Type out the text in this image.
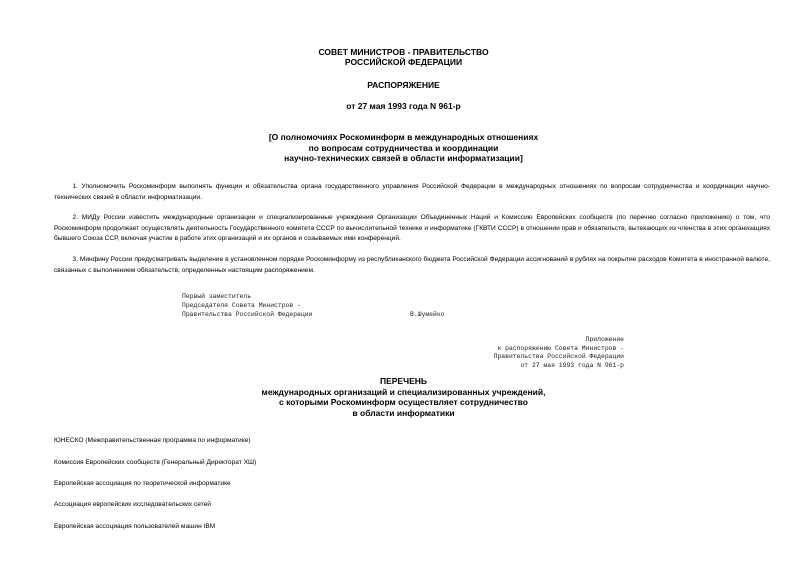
СОВЕТ МИНИСТРОВ - ПРАВИТЕЛЬСТВО
РОССИЙСКОЙ ФЕДЕРАЦИИ
РАСПОРЯЖЕНИЕ
от 27 мая 1993 года N 961-р
[О полномочиях Роскоминформ в международных отношениях
по вопросам сотрудничества и координации
научно-технических связей в области информатизации]
1. Уполномочить Роскоминформ выполнять функции и обязательства органа государственного управления Российской Федерации в международных отношениях по вопросам сотрудничества и координации научно-технических связей в области информатизации.
2. МИДу России известить международные организации и специализированные учреждения Организации Объединенных Наций и Комиссию Европейских сообществ (по перечню согласно приложению) о том, что Роскоминформ продолжает осуществлять деятельность Государственного комитета СССР по вычислительной технике и информатике (ГКВТИ СССР) в отношении прав и обязательств, вытекающих из членства в этих организациях бывшего Союза ССР, включая участие в работе этих организаций и их органов и созываемых ими конференций.
3. Минфину России предусматривать выделение в установленном порядке Роскоминформу из республиканского бюджета Российской Федерации ассигнований в рублях на покрытие расходов Комитета в иностранной валюте, связанных с выполнением обязательств, определенных настоящим распоряжением.
Первый заместитель
Председателя Совета Министров -
Правительства Российской Федерации	В.Шумейко
Приложение
к распоряжению Совета Министров -
Правительства Российской Федерации
от 27 мая 1993 года N 961-р
ПЕРЕЧЕНЬ
международных организаций и специализированных учреждений,
с которыми Роскоминформ осуществляет сотрудничество
в области информатики
ЮНЕСКО (Межправительственная программа по информатике)
Комиссия Европейских сообществ (Генеральный Директорат ХШ)
Европейская ассоциация по теоретической информатике
Ассоциация европейских исследовательских сетей
Европейская ассоциация пользователей машин IBM
